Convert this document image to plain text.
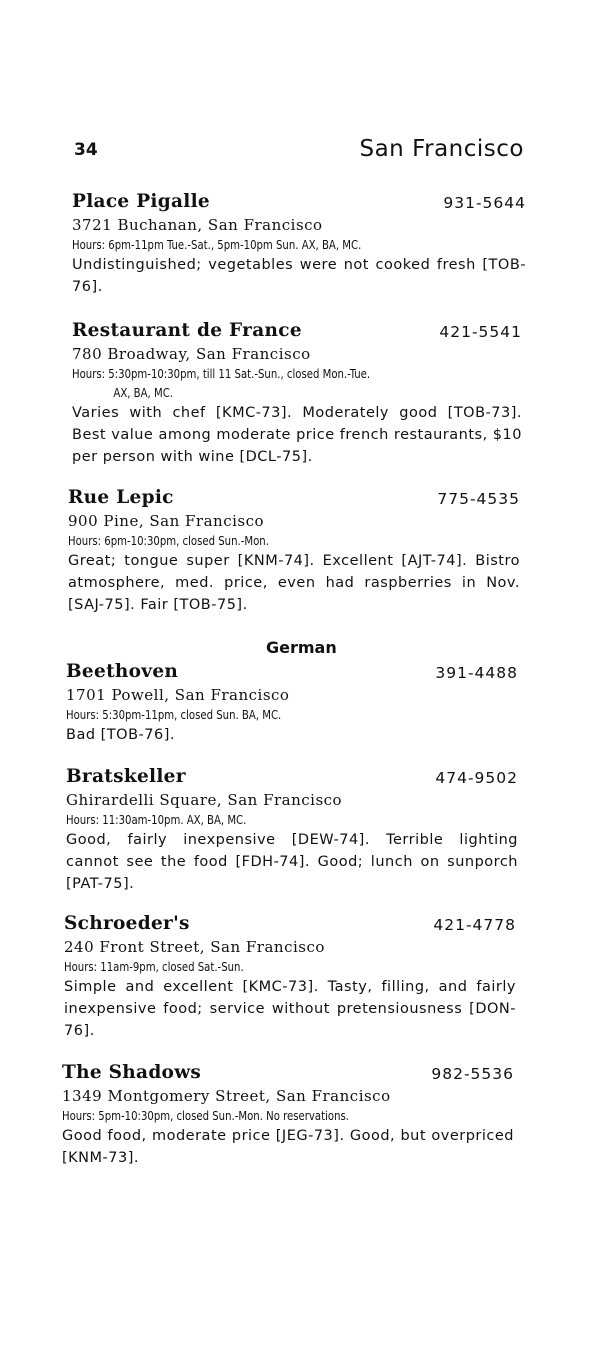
34	San Francisco
Place Pigalle	931-5644
3721 Buchanan, San Francisco
Hours: 6pm-11pm Tue.-Sat., 5pm-10pm Sun. AX, BA, MC.
Undistinguished; vegetables were not cooked fresh [TOB-76].
Restaurant de France	421-5541
780 Broadway, San Francisco
Hours: 5:30pm-10:30pm, till 11 Sat.-Sun., closed Mon.-Tue.
AX, BA, MC.
Varies with chef [KMC-73]. Moderately good [TOB-73]. Best value among moderate price french restaurants, $10 per person with wine [DCL-75].
Rue Lepic	775-4535
900 Pine, San Francisco
Hours: 6pm-10:30pm, closed Sun.-Mon.
Great; tongue super [KNM-74]. Excellent [AJT-74]. Bistro atmosphere, med. price, even had raspberries in Nov. [SAJ-75]. Fair [TOB-75].
German
Beethoven	391-4488
1701 Powell, San Francisco
Hours: 5:30pm-11pm, closed Sun. BA, MC.
Bad [TOB-76].
Bratskeller	474-9502
Ghirardelli Square, San Francisco
Hours: 11:30am-10pm. AX, BA, MC.
Good, fairly inexpensive [DEW-74]. Terrible lighting cannot see the food [FDH-74]. Good; lunch on sunporch [PAT-75].
Schroeder's	421-4778
240 Front Street, San Francisco
Hours: 11am-9pm, closed Sat.-Sun.
Simple and excellent [KMC-73]. Tasty, filling, and fairly inexpensive food; service without pretensiousness [DON-76].
The Shadows	982-5536
1349 Montgomery Street, San Francisco
Hours: 5pm-10:30pm, closed Sun.-Mon. No reservations.
Good food, moderate price [JEG-73]. Good, but overpriced [KNM-73].
